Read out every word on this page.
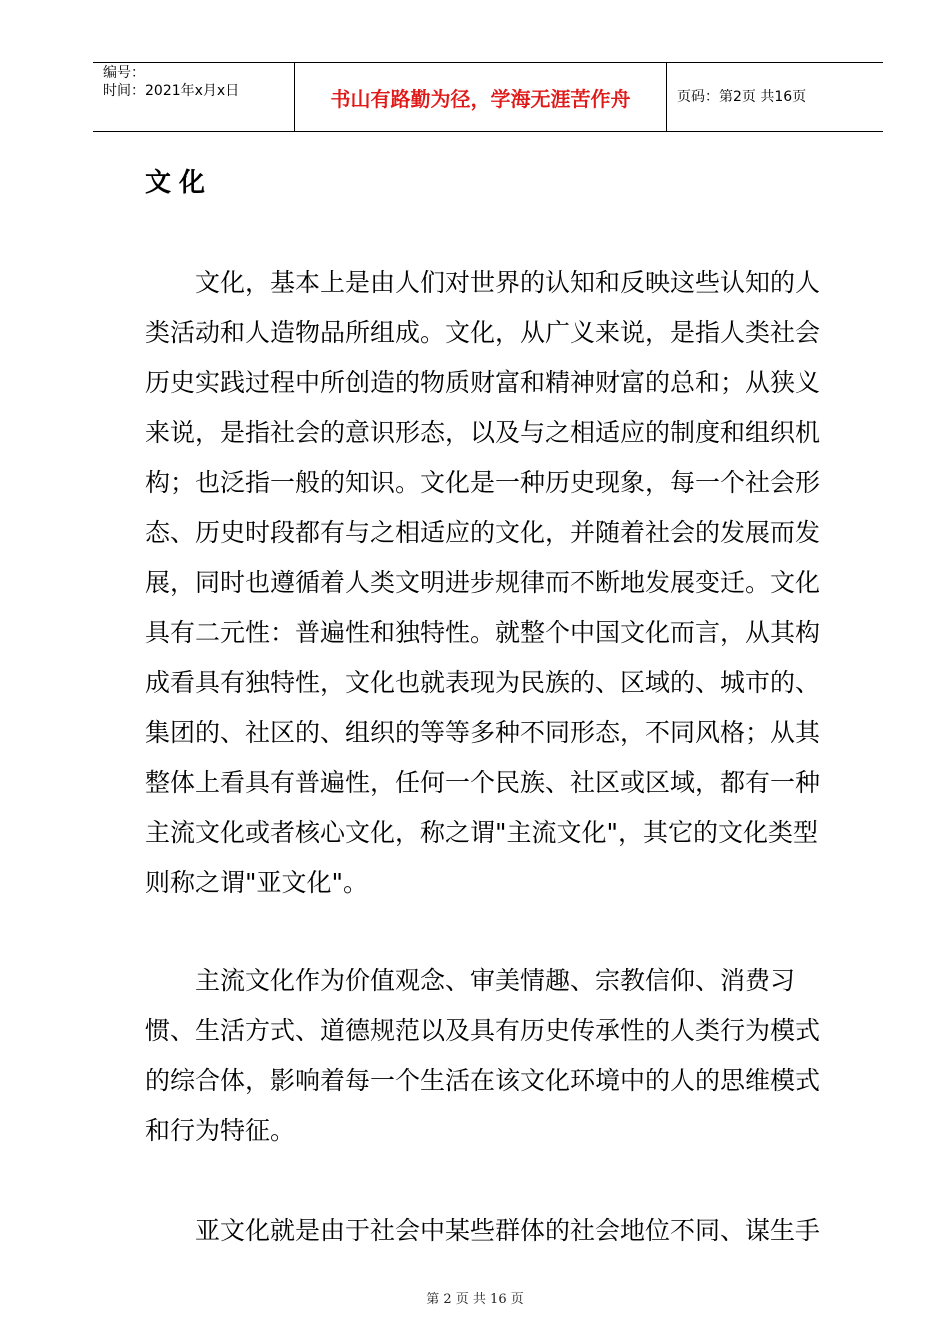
编号：
时间：2021年x月x日	书山有路勤为径，学海无涯苦作舟	页码：第2页 共16页
文化

文化，基本上是由人们对世界的认知和反映这些认知的人类活动和人造物品所组成。文化，从广义来说，是指人类社会历史实践过程中所创造的物质财富和精神财富的总和；从狭义来说，是指社会的意识形态，以及与之相适应的制度和组织机构；也泛指一般的知识。文化是一种历史现象，每一个社会形态、历史时段都有与之相适应的文化，并随着社会的发展而发展，同时也遵循着人类文明进步规律而不断地发展变迁。文化具有二元性：普遍性和独特性。就整个中国文化而言，从其构成看具有独特性，文化也就表现为民族的、区域的、城市的、集团的、社区的、组织的等等多种不同形态，不同风格；从其整体上看具有普遍性，任何一个民族、社区或区域，都有一种主流文化或者核心文化，称之谓"主流文化"，其它的文化类型则称之谓"亚文化"。

主流文化作为价值观念、审美情趣、宗教信仰、消费习惯、生活方式、道德规范以及具有历史传承性的人类行为模式的综合体，影响着每一个生活在该文化环境中的人的思维模式和行为特征。

亚文化就是由于社会中某些群体的社会地位不同、谋生手

第 2 页 共 16 页
